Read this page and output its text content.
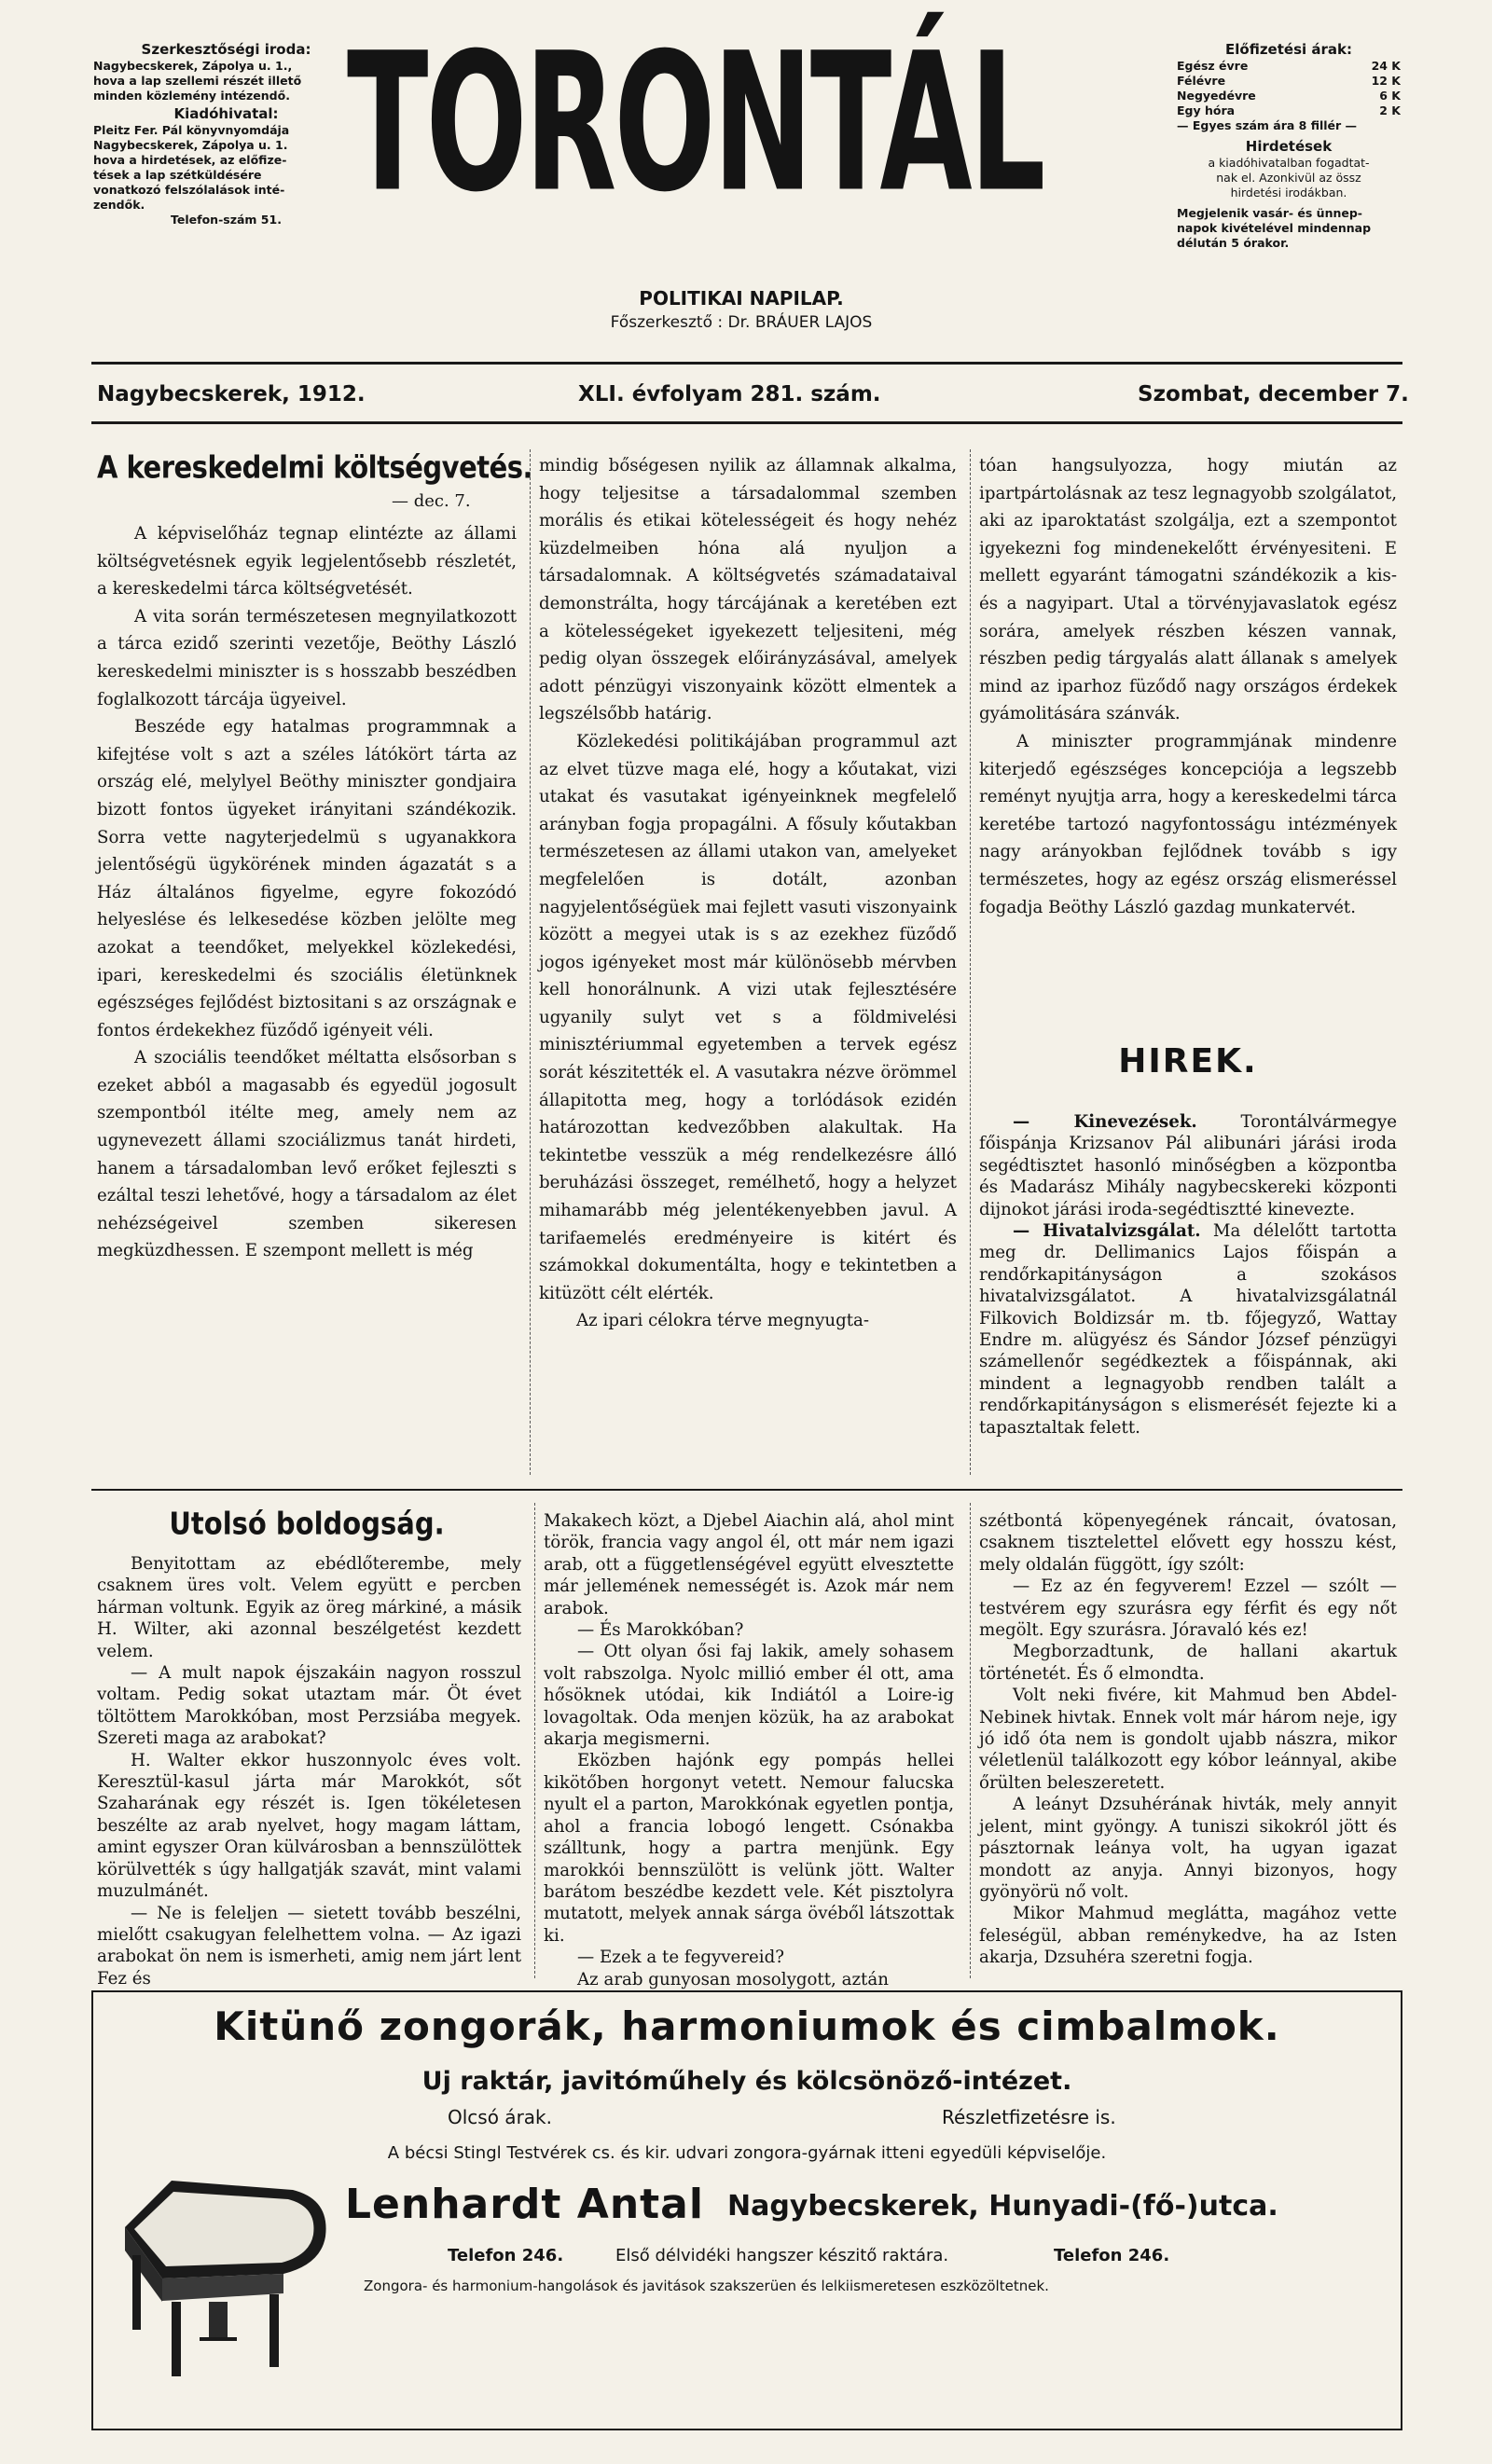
Szerkesztőségi iroda:
Nagybecskerek, Zápolya u. 1.,
hova a lap szellemi részét illető
minden közlemény intézendő.
Kiadóhivatal:
Pleitz Fer. Pál könyvnyomdája
Nagybecskerek, Zápolya u. 1.
hova a hirdetések, az előfize-
tések a lap szétküldésére
vonatkozó felszólalások inté-
zendők.
Telefon-szám 51. TORONTÁL
POLITIKAI NAPILAP.
Főszerkesztő : Dr. BRÁUER LAJOS
Előfizetési árak:
Egész évre	24 K
Félévre	12 K
Negyedévre	6 K
Egy hóra	2 K
— Egyes szám ára 8 fillér —
Hirdetések
a kiadóhivatalban fogadtat-
nak el. Azonkivül az össz
hirdetési irodákban.
Megjelenik vasár- és ünnep-
napok kivételével mindennap
délután 5 órakor.
Nagybecskerek, 1912.	XLI. évfolyam 281. szám.	Szombat, december 7.
A kereskedelmi költségvetés.
— dec. 7.

A képviselőház tegnap elintézte az állami költségvetésnek egyik legjelentősebb részletét, a kereskedelmi tárca költségvetését.

A vita során természetesen megnyilatkozott a tárca ezidő szerinti vezetője, Beöthy László kereskedelmi miniszter is s hosszabb beszédben foglalkozott tárcája ügyeivel.

Beszéde egy hatalmas programmnak a kifejtése volt s azt a széles látókört tárta az ország elé, melylyel Beöthy miniszter gondjaira bizott fontos ügyeket irányitani szándékozik. Sorra vette nagyterjedelmü s ugyanakkora jelentőségü ügykörének minden ágazatát s a Ház általános figyelme, egyre fokozódó helyeslése és lelkesedése közben jelölte meg azokat a teendőket, melyekkel közlekedési, ipari, kereskedelmi és szociális életünknek egészséges fejlődést biztositani s az országnak e fontos érdekekhez füződő igényeit véli.

A szociális teendőket méltatta elsősorban s ezeket abból a magasabb és egyedül jogosult szempontból itélte meg, amely nem az ugynevezett állami szociálizmus tanát hirdeti, hanem a társadalomban levő erőket fejleszti s ezáltal teszi lehetővé, hogy a társadalom az élet nehézségeivel szemben sikeresen megküzdhessen. E szempont mellett is még

mindig bőségesen nyilik az államnak alkalma, hogy teljesitse a társadalommal szemben morális és etikai kötelességeit és hogy nehéz küzdelmeiben hóna alá nyuljon a társadalomnak. A költségvetés számadataival demonstrálta, hogy tárcájának a keretében ezt a kötelességeket igyekezett teljesiteni, még pedig olyan összegek előirányzásával, amelyek adott pénzügyi viszonyaink között elmentek a legszélsőbb határig.

Közlekedési politikájában programmul azt az elvet tüzve maga elé, hogy a kőutakat, vizi utakat és vasutakat igényeinknek megfelelő arányban fogja propagálni. A fősuly kőutakban természetesen az állami utakon van, amelyeket megfelelően is dotált, azonban nagyjelentőségüek mai fejlett vasuti viszonyaink között a megyei utak is s az ezekhez füződő jogos igényeket most már különösebb mérvben kell honorálnunk. A vizi utak fejlesztésére ugyanily sulyt vet s a földmivelési minisztériummal egyetemben a tervek egész sorát készitették el. A vasutakra nézve örömmel állapitotta meg, hogy a torlódások ezidén határozottan kedvezőbben alakultak. Ha tekintetbe vesszük a még rendelkezésre álló beruházási összeget, remélhető, hogy a helyzet mihamarább még jelentékenyebben javul. A tarifaemelés eredményeire is kitért és számokkal dokumentálta, hogy e tekintetben a kitüzött célt elérték.

Az ipari célokra térve megnyugta-

tóan hangsulyozza, hogy miután az ipartpártolásnak az tesz legnagyobb szolgálatot, aki az iparoktatást szolgálja, ezt a szempontot igyekezni fog mindenekelőtt érvényesiteni. E mellett egyaránt támogatni szándékozik a kis- és a nagyipart. Utal a törvényjavaslatok egész sorára, amelyek részben készen vannak, részben pedig tárgyalás alatt állanak s amelyek mind az iparhoz füződő nagy országos érdekek gyámolitására szánvák.

A miniszter programmjának mindenre kiterjedő egészséges koncepciója a legszebb reményt nyujtja arra, hogy a kereskedelmi tárca keretébe tartozó nagyfontosságu intézmények nagy arányokban fejlődnek tovább s igy természetes, hogy az egész ország elismeréssel fogadja Beöthy László gazdag munkatervét.

HIREK.

— Kinevezések. Torontálvármegye főispánja Krizsanov Pál alibunári járási iroda segédtisztet hasonló minőségben a központba és Madarász Mihály nagybecskereki központi dijnokot járási iroda-segédtisztté kinevezte.

— Hivatalvizsgálat. Ma délelőtt tartotta meg dr. Dellimanics Lajos főispán a rendőrkapitányságon a szokásos hivatalvizsgálatot. A hivatalvizsgálatnál Filkovich Boldizsár m. tb. főjegyző, Wattay Endre m. alügyész és Sándor József pénzügyi számellenőr segédkeztek a főispánnak, aki mindent a legnagyobb rendben talált a rendőrkapitányságon s elismerését fejezte ki a tapasztaltak felett.

Utolsó boldogság.

Benyitottam az ebédlőterembe, mely csaknem üres volt. Velem együtt e percben hárman voltunk. Egyik az öreg márkiné, a másik H. Wilter, aki azonnal beszélgetést kezdett velem.

— A mult napok éjszakáin nagyon rosszul voltam. Pedig sokat utaztam már. Öt évet töltöttem Marokkóban, most Perzsiába megyek. Szereti maga az arabokat?

H. Walter ekkor huszonnyolc éves volt. Keresztül-kasul járta már Marokkót, sőt Szaharának egy részét is. Igen tökéletesen beszélte az arab nyelvet, hogy magam láttam, amint egyszer Oran külvárosban a bennszülöttek körülvették s úgy hallgatják szavát, mint valami muzulmánét.

— Ne is feleljen — sietett tovább beszélni, mielőtt csakugyan felelhettem volna. — Az igazi arabokat ön nem is ismerheti, amig nem járt lent Fez és

Makakech közt, a Djebel Aiachin alá, ahol mint török, francia vagy angol él, ott már nem igazi arab, ott a függetlenségével együtt elvesztette már jellemének nemességét is. Azok már nem arabok.

— És Marokkóban?

— Ott olyan ősi faj lakik, amely sohasem volt rabszolga. Nyolc millió ember él ott, ama hősöknek utódai, kik Indiától a Loire-ig lovagoltak. Oda menjen közük, ha az arabokat akarja megismerni.

Eközben hajónk egy pompás hellei kikötőben horgonyt vetett. Nemour falucska nyult el a parton, Marokkónak egyetlen pontja, ahol a francia lobogó lengett. Csónakba szálltunk, hogy a partra menjünk. Egy marokkói bennszülött is velünk jött. Walter barátom beszédbe kezdett vele. Két pisztolyra mutatott, melyek annak sárga övéből látszottak ki.

— Ezek a te fegyvereid?

Az arab gunyosan mosolygott, aztán

szétbontá köpenyegének ráncait, óvatosan, csaknem tisztelettel elővett egy hosszu kést, mely oldalán függött, így szólt:

— Ez az én fegyverem! Ezzel — szólt — testvérem egy szurásra egy férfit és egy nőt megölt. Egy szurásra. Jóravaló kés ez!

Megborzadtunk, de hallani akartuk történetét. És ő elmondta.

Volt neki fivére, kit Mahmud ben Abdel-Nebinek hivtak. Ennek volt már három neje, igy jó idő óta nem is gondolt ujabb nászra, mikor véletlenül találkozott egy kóbor leánnyal, akibe őrülten beleszeretett.

A leányt Dzsuhérának hivták, mely annyit jelent, mint gyöngy. A tuniszi sikokról jött és pásztornak leánya volt, ha ugyan igazat mondott az anyja. Annyi bizonyos, hogy gyönyörü nő volt.

Mikor Mahmud meglátta, magához vette feleségül, abban reménykedve, ha az Isten akarja, Dzsuhéra szeretni fogja.

Kitünő zongorák, harmoniumok és cimbalmok.
Uj raktár, javitóműhely és kölcsönöző-intézet.
Olcsó árak.	Részletfizetésre is.
A bécsi Stingl Testvérek cs. és kir. udvari zongora-gyárnak itteni egyedüli képviselője.
Lenhardt Antal Nagybecskerek, Hunyadi-(fő-)utca.
Telefon 246.	Első délvidéki hangszer készitő raktára.	Telefon 246.
Zongora- és harmonium-hangolások és javitások szakszerüen és lelkiismeretesen eszközöltetnek.
